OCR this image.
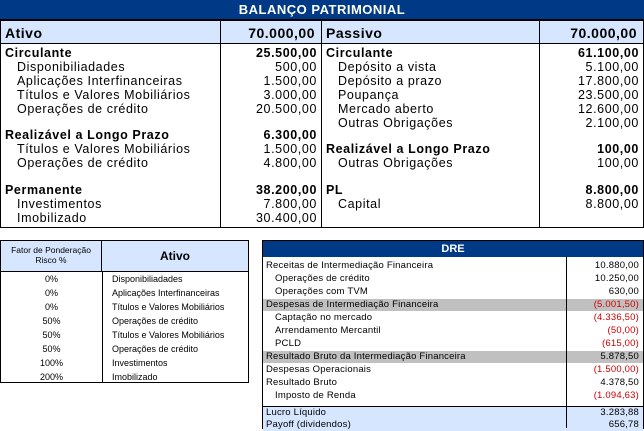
BALANÇO PATRIMONIAL
Ativo	70.000,00 Passivo	70.000,00
Circulante	25.500,00
Disponibiliadades	500,00
Aplicações Interfinanceiras	1.500,00
Títulos e Valores Mobiliários	3.000,00
Operações de crédito	20.500,00
Realizável a Longo Prazo	6.300,00
Títulos e Valores Mobiliários	1.500,00
Operações de crédito	4.800,00
Permanente	38.200,00
Investimentos	7.800,00
Imobilizado	30.400,00
Circulante	61.100,00
Depósito a vista	5.100,00
Depósito a prazo	17.800,00
Poupança	23.500,00
Mercado aberto	12.600,00
Outras Obrigações	2.100,00
Realizável a Longo Prazo	100,00
Outras Obrigações	100,00
PL	8.800,00
Capital	8.800,00
Fator de Ponderação Risco %	Ativo
0%	Disponibiliadades
0%	Aplicações Interfinanceiras
0%	Títulos e Valores Mobiliários
50%	Operações de crédito
50%	Títulos e Valores Mobiliários
50%	Operações de crédito
100%	Investimentos
200%	Imobilizado
DRE
Receitas de Intermediação Financeira	10.880,00
Operações de crédito	10.250,00
Operações com TVM	630,00
Despesas de Intermediação Financeira	(5.001,50)
Captação no mercado	(4.336,50)
Arrendamento Mercantil	(50,00)
PCLD	(615,00)
Resultado Bruto da Intermediação Financeira	5.878,50
Despesas Operacionais	(1.500,00)
Resultado Bruto	4.378,50
Imposto de Renda	(1.094,63)
Lucro Líquido	3.283,88
Payoff (dividendos)	656,78
